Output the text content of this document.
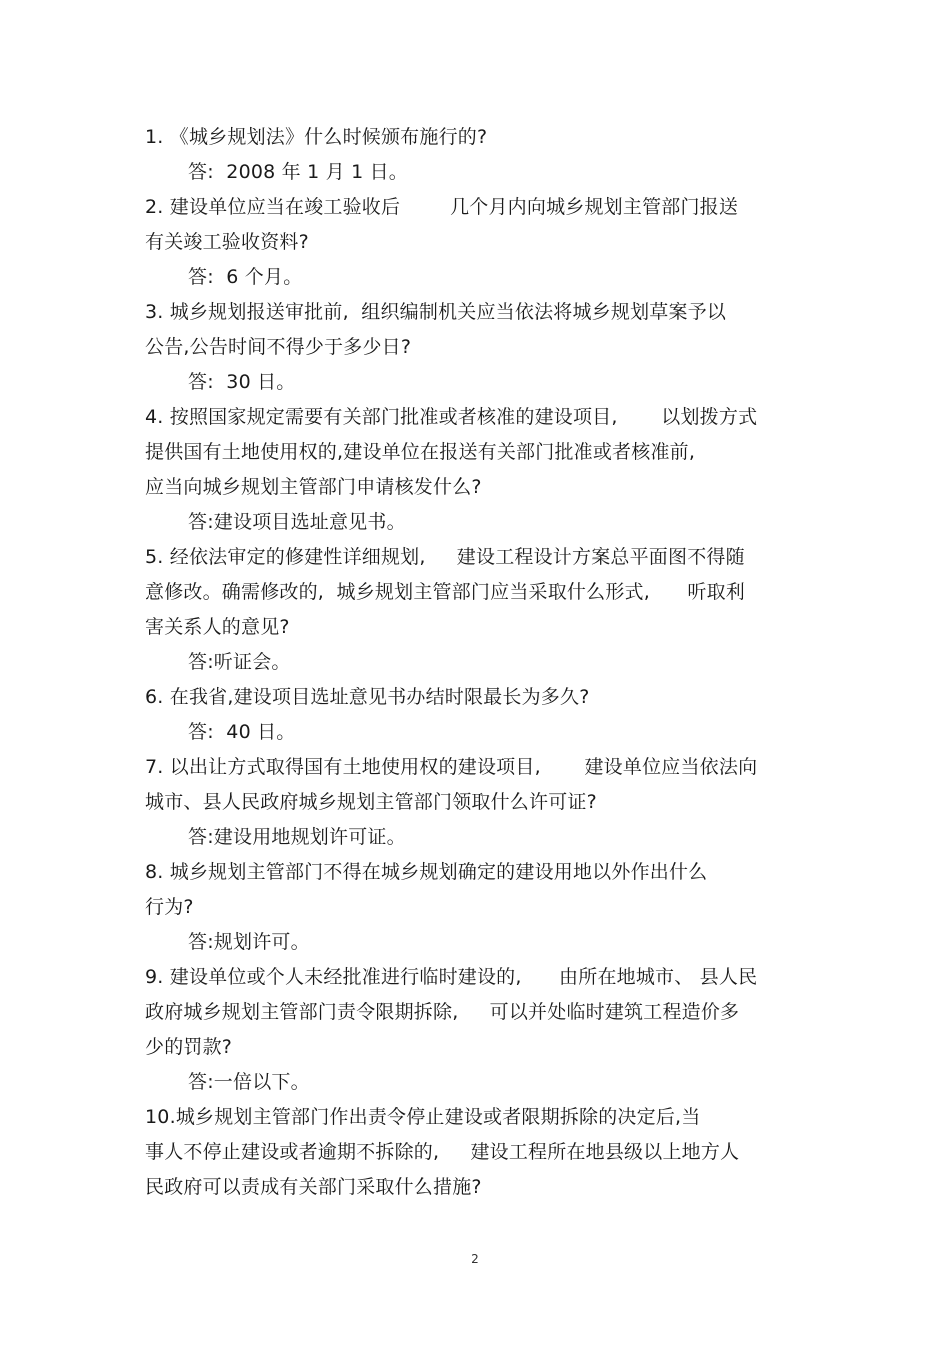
1. 《城乡规划法》什么时候颁布施行的?
答:  2008 年 1 月 1 日。
2. 建设单位应当在竣工验收后        几个月内向城乡规划主管部门报送
有关竣工验收资料?
答:  6 个月。
3. 城乡规划报送审批前,  组织编制机关应当依法将城乡规划草案予以
公告,公告时间不得少于多少日?
答:  30 日。
4. 按照国家规定需要有关部门批准或者核准的建设项目,       以划拨方式
提供国有土地使用权的,建设单位在报送有关部门批准或者核准前,
应当向城乡规划主管部门申请核发什么?
答:建设项目选址意见书。
5. 经依法审定的修建性详细规划,     建设工程设计方案总平面图不得随
意修改。确需修改的,  城乡规划主管部门应当采取什么形式,      听取利
害关系人的意见?
答:听证会。
6. 在我省,建设项目选址意见书办结时限最长为多久?
答:  40 日。
7. 以出让方式取得国有土地使用权的建设项目,       建设单位应当依法向
城市、县人民政府城乡规划主管部门领取什么许可证?
答:建设用地规划许可证。
8. 城乡规划主管部门不得在城乡规划确定的建设用地以外作出什么
行为?
答:规划许可。
9. 建设单位或个人未经批准进行临时建设的,      由所在地城市、 县人民
政府城乡规划主管部门责令限期拆除,     可以并处临时建筑工程造价多
少的罚款?
答:一倍以下。
10.城乡规划主管部门作出责令停止建设或者限期拆除的决定后,当
事人不停止建设或者逾期不拆除的,     建设工程所在地县级以上地方人
民政府可以责成有关部门采取什么措施?
2
